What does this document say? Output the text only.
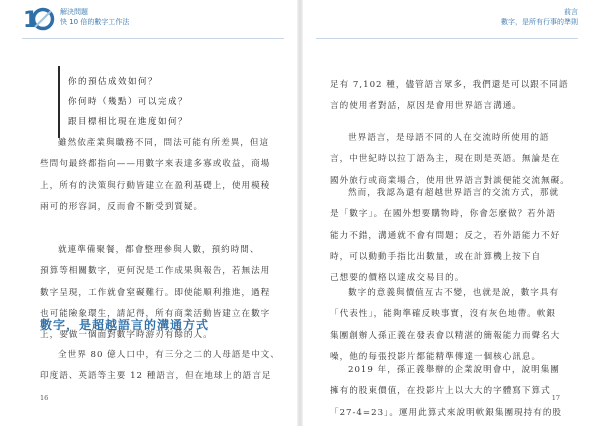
1	解決問題
快 10 倍的數字工作法
前言
數字，是所有行事的準則
你的預估成效如何？
你何時（幾點）可以完成？
跟目標相比現在進度如何？

雖然依產業與職務不同，問法可能有所差異，但這
些問句最終都指向——用數字來表達多寡或收益，商場
上，所有的決策與行動皆建立在盈利基礎上，使用模稜
兩可的形容詞，反而會不斷受到質疑。

就連準備聚餐，都會整理參與人數，預約時間、
預算等相關數字，更何況是工作成果與報告，若無法用
數字呈現，工作就會窒礙難行。即使能順利推進，過程
也可能險象環生，請記得，所有商業活動皆建立在數字
上，要做一個面對數字時游刃有餘的人。

數字，是超越語言的溝通方式

全世界 80 億人口中，有三分之二的人母語是中文、
印度語、英語等主要 12 種語言，但在地球上的語言足

16

足有 7,102 種，儘管語言眾多，我們還是可以跟不同語
言的使用者對話，原因是會用世界語言溝通。

世界語言，是母語不同的人在交流時所使用的語
言，中世紀時以拉丁語為主，現在則是英語。無論是在
國外旅行或商業場合，使用世界語言對談便能交流無礙。

然而，我認為還有超越世界語言的交流方式，那就
是「數字」。在國外想要購物時，你會怎麼做？若外語
能力不錯，溝通就不會有問題；反之，若外語能力不好
時，可以動動手指比出數量，或在計算機上按下自
己想要的價格以達成交易目的。

數字的意義與價值亙古不變，也就是說，數字具有
「代表性」，能夠準確反映事實，沒有灰色地帶。軟銀
集團創辦人孫正義在發表會以精湛的簡報能力而聲名大
噪，他的每張投影片都能精準傳達一個核心訊息。

2019 年，孫正義舉辦的企業說明會中，說明集團
擁有的股東價值，在投影片上以大大的字體寫下算式
「27-4=23」。運用此算式來說明軟銀集團現持有的股

17
